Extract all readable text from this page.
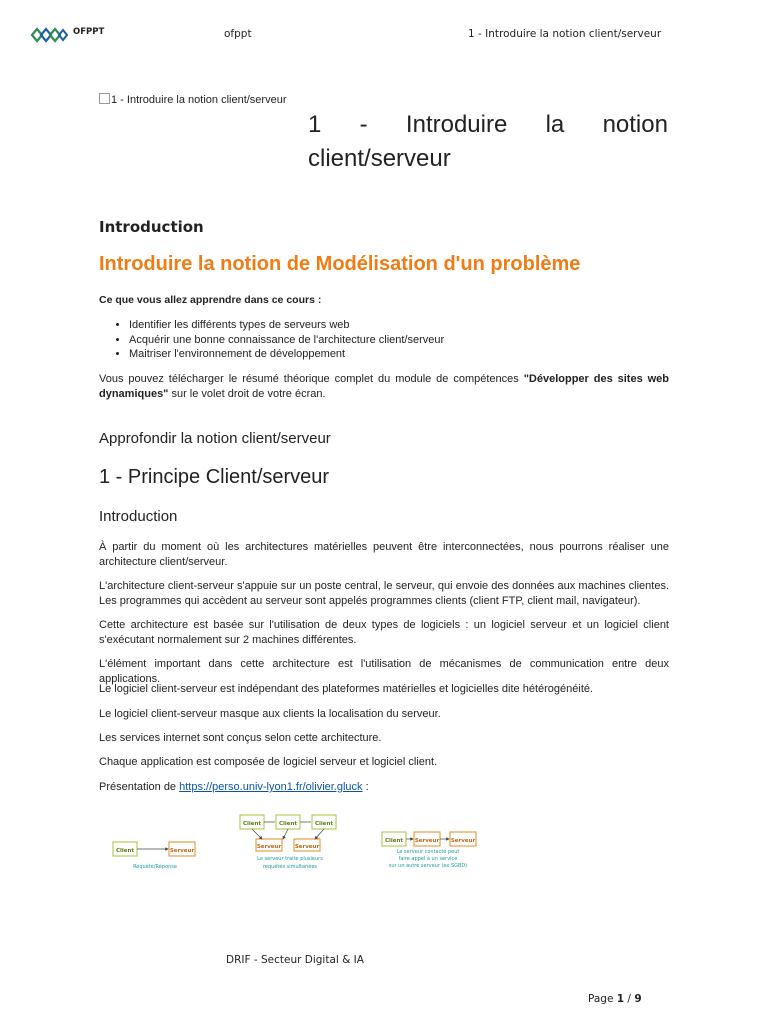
OFPPT	ofppt	1 - Introduire la notion client/serveur
1 - Introduire la notion client/serveur
1 - Introduire la notion
client/serveur
Introduction
Introduire la notion de Modélisation d'un problème

Ce que vous allez apprendre dans ce cours :

• Identifier les différents types de serveurs web
• Acquérir une bonne connaissance de l'architecture client/serveur
• Maitriser l'environnement de développement

Vous pouvez télécharger le résumé théorique complet du module de compétences "Développer des sites web dynamiques" sur le volet droit de votre écran.

Approfondir la notion client/serveur
1 - Principe Client/serveur
Introduction

À partir du moment où les architectures matérielles peuvent être interconnectées, nous pourrons réaliser une architecture client/serveur.

L'architecture client-serveur s'appuie sur un poste central, le serveur, qui envoie des données aux machines clientes. Les programmes qui accèdent au serveur sont appelés programmes clients (client FTP, client mail, navigateur).

Cette architecture est basée sur l'utilisation de deux types de logiciels : un logiciel serveur et un logiciel client s'exécutant normalement sur 2 machines différentes.

L'élément important dans cette architecture est l'utilisation de mécanismes de communication entre deux applications.

Le logiciel client-serveur est indépendant des plateformes matérielles et logicielles dite hétérogénéité.

Le logiciel client-serveur masque aux clients la localisation du serveur.

Les services internet sont conçus selon cette architecture.

Chaque application est composée de logiciel serveur et logiciel client.

Présentation de https://perso.univ-lyon1.fr/olivier.gluck :

Client	Serveur
Requête/Réponse
Client	Client	Client
Serveur Serveur
Le serveur traite plusieurs
requêtes simultanées
Client Serveur Serveur
Le serveur contacté peut
faire appel à un service
sur un autre serveur (ex.SGBD)
DRIF - Secteur Digital & IA
Page 1 / 9
